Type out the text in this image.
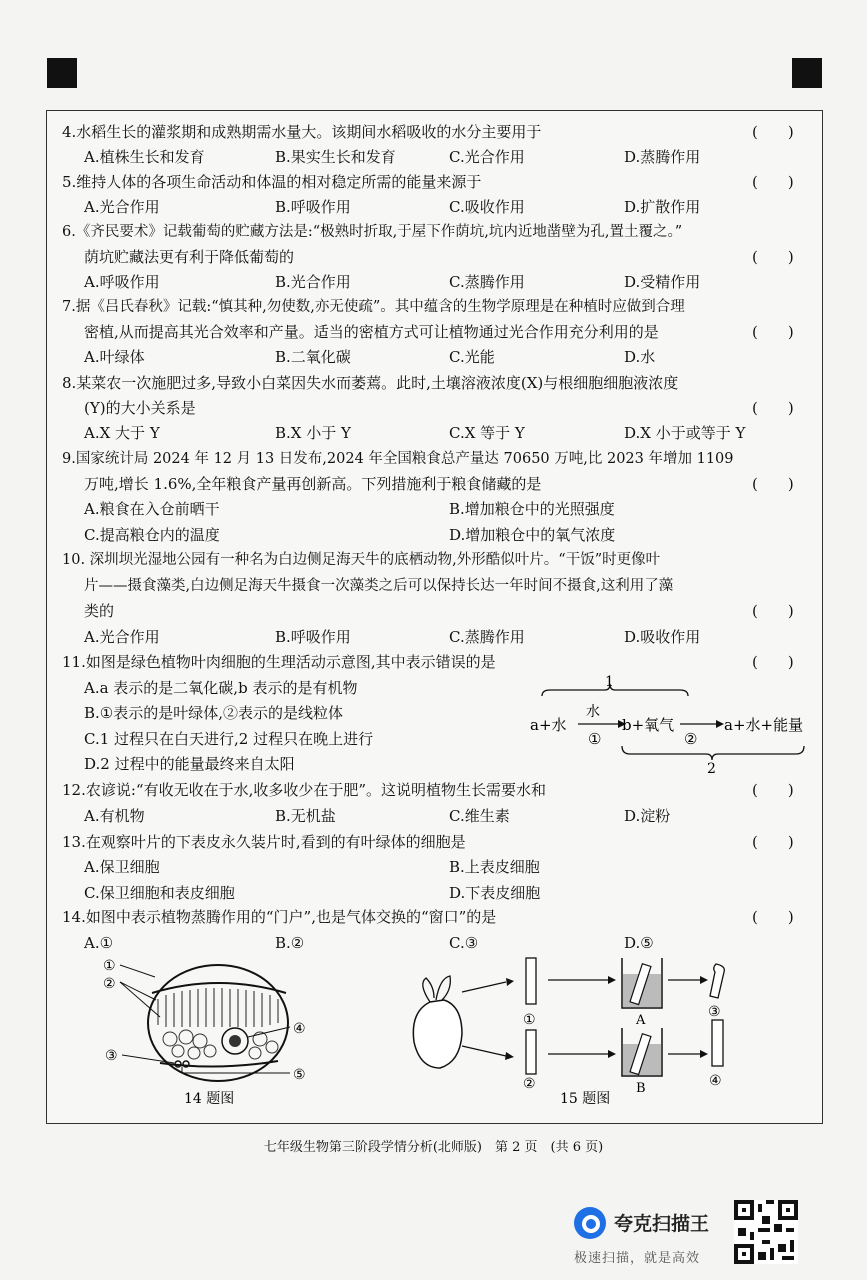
4.水稻生长的灌浆期和成熟期需水量大。该期间水稻吸收的水分主要用于	(　　)
A.植株生长和发育	B.果实生长和发育	C.光合作用	D.蒸腾作用
5.维持人体的各项生命活动和体温的相对稳定所需的能量来源于	(　　)
A.光合作用	B.呼吸作用	C.吸收作用	D.扩散作用
6.《齐民要术》记载葡萄的贮藏方法是:“极熟时折取,于屋下作荫坑,坑内近地凿壁为孔,置土覆之。”
荫坑贮藏法更有利于降低葡萄的	(　　)
A.呼吸作用	B.光合作用	C.蒸腾作用	D.受精作用
7.据《吕氏春秋》记载:“慎其种,勿使数,亦无使疏”。其中蕴含的生物学原理是在种植时应做到合理
密植,从而提高其光合效率和产量。适当的密植方式可让植物通过光合作用充分利用的是	(　　)
A.叶绿体	B.二氧化碳	C.光能	D.水
8.某菜农一次施肥过多,导致小白菜因失水而萎蔫。此时,土壤溶液浓度(X)与根细胞细胞液浓度
(Y)的大小关系是	(　　)
A.X 大于 Y	B.X 小于 Y	C.X 等于 Y	D.X 小于或等于 Y
9.国家统计局 2024 年 12 月 13 日发布,2024 年全国粮食总产量达 70650 万吨,比 2023 年增加 1109
万吨,增长 1.6%,全年粮食产量再创新高。下列措施利于粮食储藏的是	(　　)
A.粮食在入仓前晒干	B.增加粮仓中的光照强度
C.提高粮仓内的温度	D.增加粮仓中的氧气浓度
10. 深圳坝光湿地公园有一种名为白边侧足海天牛的底栖动物,外形酷似叶片。“干饭”时更像叶
片——摄食藻类,白边侧足海天牛摄食一次藻类之后可以保持长达一年时间不摄食,这利用了藻
类的	(　　)
A.光合作用	B.呼吸作用	C.蒸腾作用	D.吸收作用
11.如图是绿色植物叶肉细胞的生理活动示意图,其中表示错误的是	(　　)
A.a 表示的是二氧化碳,b 表示的是有机物
B.①表示的是叶绿体,②表示的是线粒体
C.1 过程只在白天进行,2 过程只在晚上进行
D.2 过程中的能量最终来自太阳
1
a+水
水
①
b+氧气
②
a+水+能量
2
12.农谚说:“有收无收在于水,收多收少在于肥”。这说明植物生长需要水和	(　　)
A.有机物	B.无机盐	C.维生素	D.淀粉
13.在观察叶片的下表皮永久装片时,看到的有叶绿体的细胞是	(　　)
A.保卫细胞	B.上表皮细胞
C.保卫细胞和表皮细胞	D.下表皮细胞
14.如图中表示植物蒸腾作用的“门户”,也是气体交换的“窗口”的是	(　　)
A.①	B.②	C.③	D.⑤
①
②
④
③
⑤
14 题图
①
②
A
B
③
④
15 题图
七年级生物第三阶段学情分析(北师版)　第 2 页　(共 6 页)
夸克扫描王
极速扫描，就是高效
